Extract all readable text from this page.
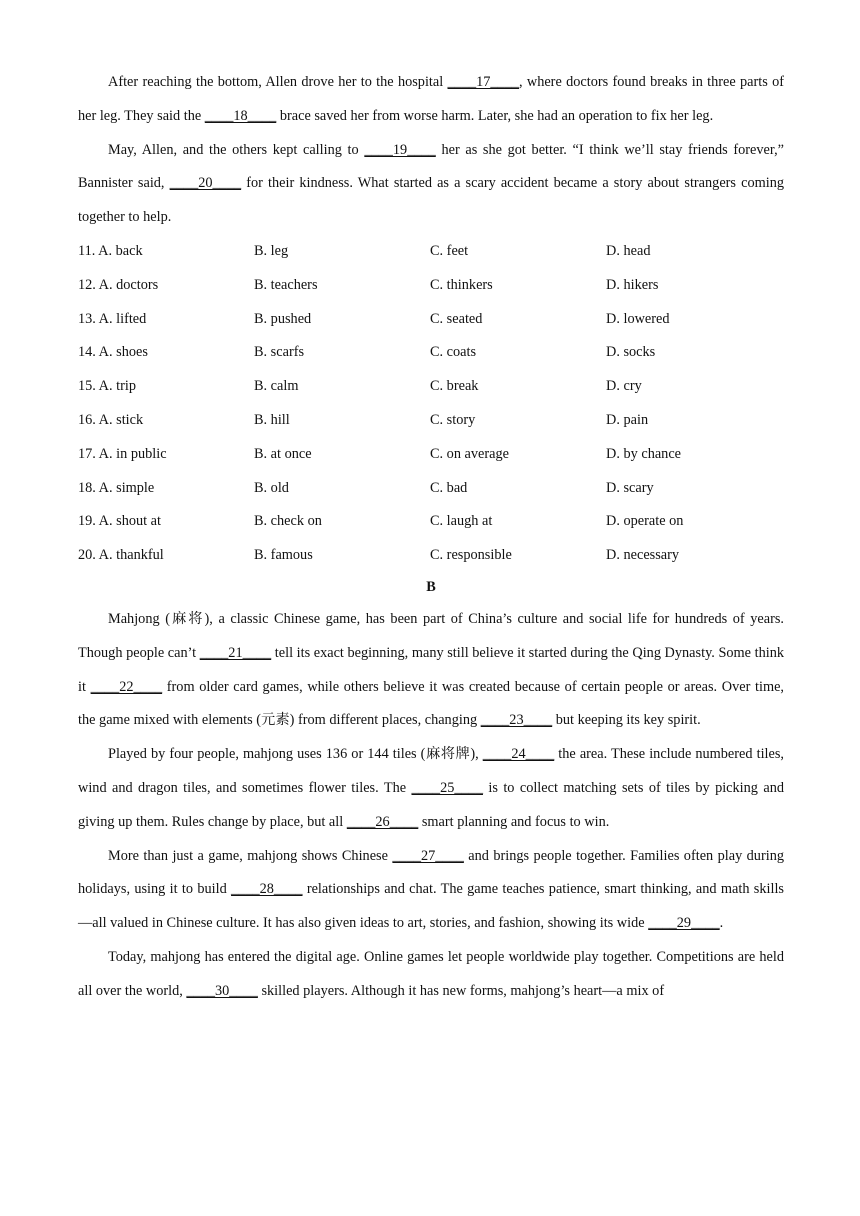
After reaching the bottom, Allen drove her to the hospital ____17____, where doctors found breaks in three parts of her leg. They said the ____18____ brace saved her from worse harm. Later, she had an operation to fix her leg.

May, Allen, and the others kept calling to ____19____ her as she got better. “I think we’ll stay friends forever,” Bannister said, ____20____ for their kindness. What started as a scary accident became a story about strangers coming together to help.

11. A. back	B. leg	C. feet	D. head
12. A. doctors	B. teachers	C. thinkers	D. hikers
13. A. lifted	B. pushed	C. seated	D. lowered
14. A. shoes	B. scarfs	C. coats	D. socks
15. A. trip	B. calm	C. break	D. cry
16. A. stick	B. hill	C. story	D. pain
17. A. in public	B. at once	C. on average	D. by chance
18. A. simple	B. old	C. bad	D. scary
19. A. shout at	B. check on	C. laugh at	D. operate on
20. A. thankful	B. famous	C. responsible	D. necessary

B

Mahjong (麻将), a classic Chinese game, has been part of China’s culture and social life for hundreds of years. Though people can’t ____21____ tell its exact beginning, many still believe it started during the Qing Dynasty. Some think it ____22____ from older card games, while others believe it was created because of certain people or areas. Over time, the game mixed with elements (元素) from different places, changing ____23____ but keeping its key spirit.

Played by four people, mahjong uses 136 or 144 tiles (麻将牌), ____24____ the area. These include numbered tiles, wind and dragon tiles, and sometimes flower tiles. The ____25____ is to collect matching sets of tiles by picking and giving up them. Rules change by place, but all ____26____ smart planning and focus to win.

More than just a game, mahjong shows Chinese ____27____ and brings people together. Families often play during holidays, using it to build ____28____ relationships and chat. The game teaches patience, smart thinking, and math skills—all valued in Chinese culture. It has also given ideas to art, stories, and fashion, showing its wide ____29____.

Today, mahjong has entered the digital age. Online games let people worldwide play together. Competitions are held all over the world, ____30____ skilled players. Although it has new forms, mahjong’s heart—a mix of
